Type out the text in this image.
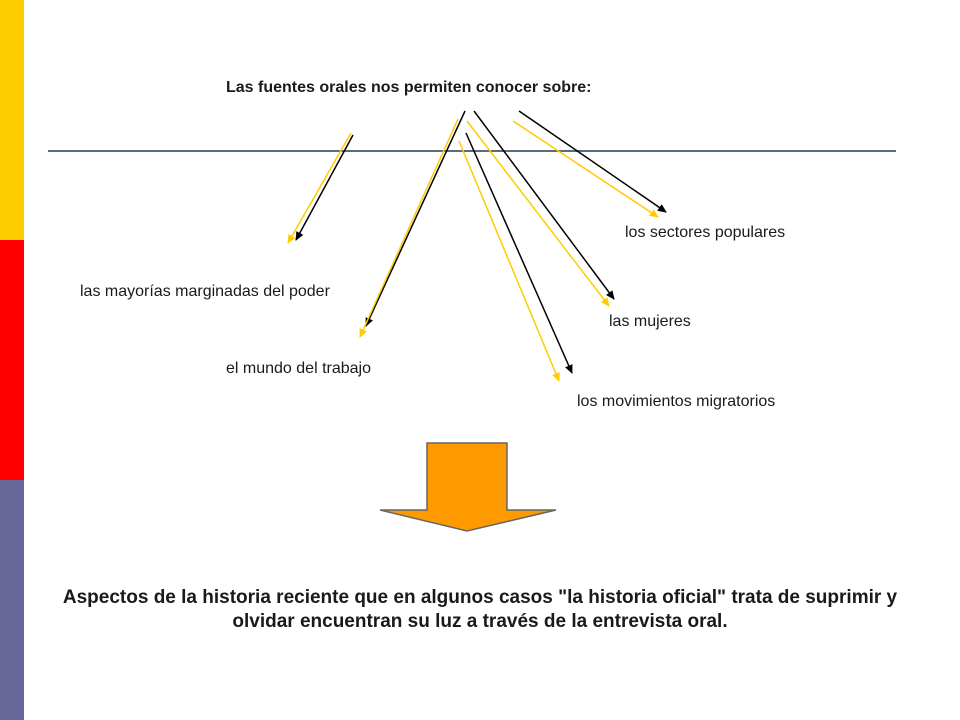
Las fuentes orales nos permiten conocer sobre:
los sectores populares
las mayorías marginadas del poder
las mujeres
el mundo del trabajo
los movimientos migratorios
Aspectos de la historia reciente que en algunos casos "la historia oficial" trata de suprimir y olvidar encuentran su luz a través de la entrevista oral.
